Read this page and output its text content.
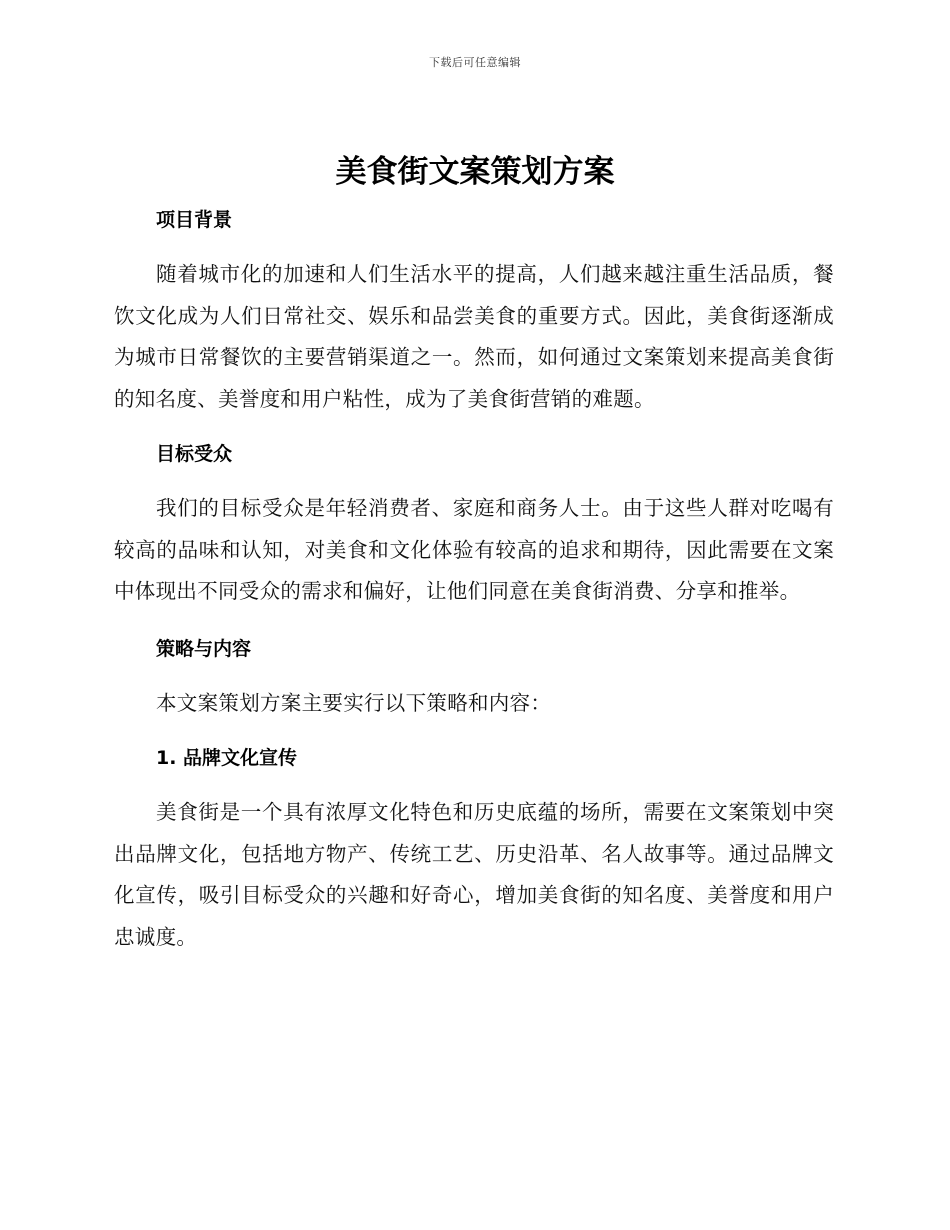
下载后可任意编辑
美食街文案策划方案
项目背景

随着城市化的加速和人们生活水平的提高，人们越来越注重生活品质，餐饮文化成为人们日常社交、娱乐和品尝美食的重要方式。因此，美食街逐渐成为城市日常餐饮的主要营销渠道之一。然而，如何通过文案策划来提高美食街的知名度、美誉度和用户粘性，成为了美食街营销的难题。

目标受众

我们的目标受众是年轻消费者、家庭和商务人士。由于这些人群对吃喝有较高的品味和认知，对美食和文化体验有较高的追求和期待，因此需要在文案中体现出不同受众的需求和偏好，让他们同意在美食街消费、分享和推举。

策略与内容

本文案策划方案主要实行以下策略和内容：

1. 品牌文化宣传

美食街是一个具有浓厚文化特色和历史底蕴的场所，需要在文案策划中突出品牌文化，包括地方物产、传统工艺、历史沿革、名人故事等。通过品牌文化宣传，吸引目标受众的兴趣和好奇心，增加美食街的知名度、美誉度和用户忠诚度。
